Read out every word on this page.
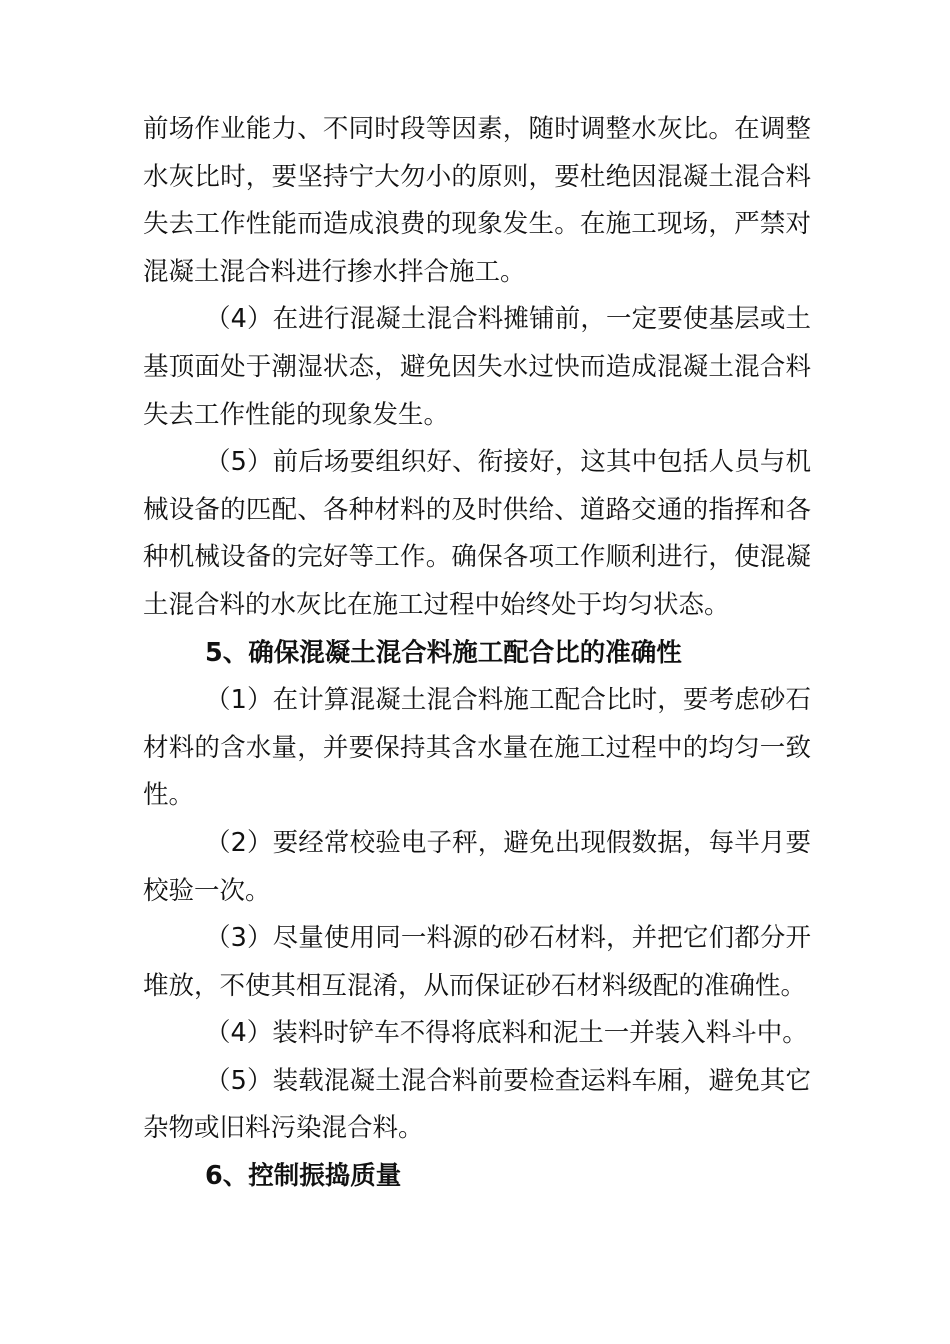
前场作业能力、不同时段等因素，随时调整水灰比。在调整水灰比时，要坚持宁大勿小的原则，要杜绝因混凝土混合料失去工作性能而造成浪费的现象发生。在施工现场，严禁对混凝土混合料进行掺水拌合施工。

（4）在进行混凝土混合料摊铺前，一定要使基层或土基顶面处于潮湿状态，避免因失水过快而造成混凝土混合料失去工作性能的现象发生。

（5）前后场要组织好、衔接好，这其中包括人员与机械设备的匹配、各种材料的及时供给、道路交通的指挥和各种机械设备的完好等工作。确保各项工作顺利进行，使混凝土混合料的水灰比在施工过程中始终处于均匀状态。

5、确保混凝土混合料施工配合比的准确性

（1）在计算混凝土混合料施工配合比时，要考虑砂石材料的含水量，并要保持其含水量在施工过程中的均匀一致性。

（2）要经常校验电子秤，避免出现假数据，每半月要校验一次。

（3）尽量使用同一料源的砂石材料，并把它们都分开堆放，不使其相互混淆，从而保证砂石材料级配的准确性。

（4）装料时铲车不得将底料和泥土一并装入料斗中。

（5）装载混凝土混合料前要检查运料车厢，避免其它杂物或旧料污染混合料。

6、控制振捣质量
